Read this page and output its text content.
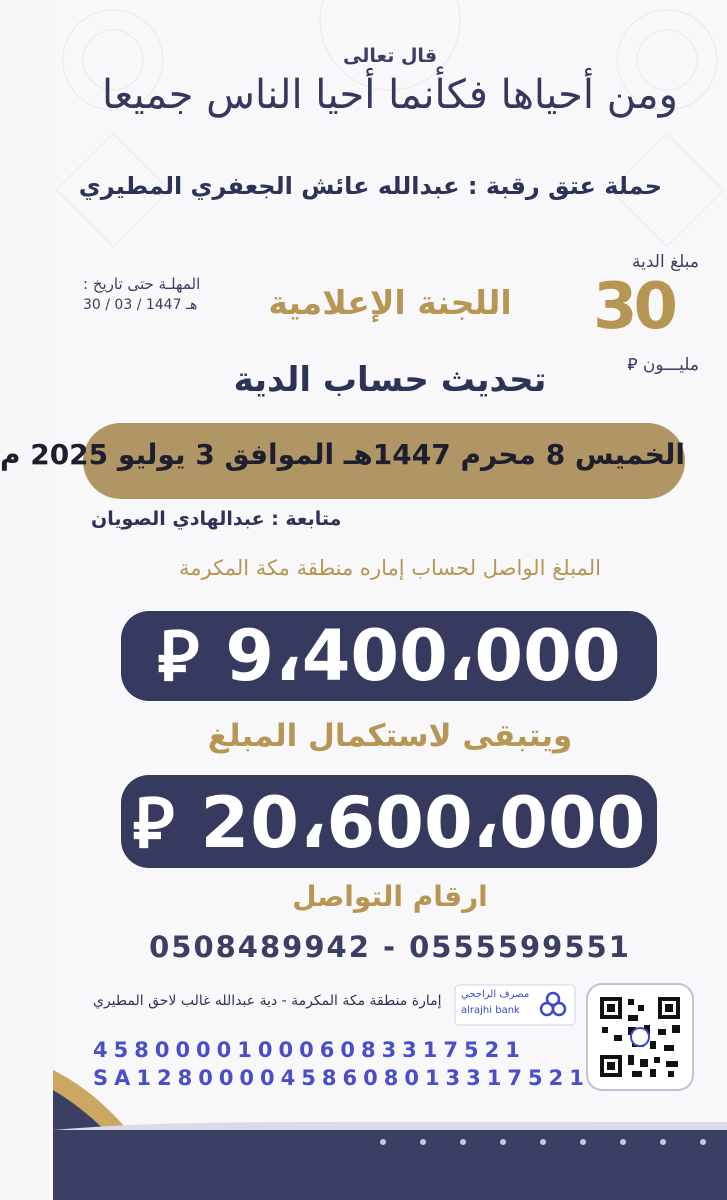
قال تعالى
ومن أحياها فكأنما أحيا الناس جميعا
حملة عتق رقبة : عبدالله عائش الجعفري المطيري
مبلغ الدية
30
مليـــون ⃁
المهلـة حتى تاريخ :
30 / 03 / 1447 هـ	اللجنة الإعلامية
تحديث حساب الدية
الخميس 8 محرم 1447هـ الموافق 3 يوليو 2025 م
متابعة : عبدالهادي الصويان
المبلغ الواصل لحساب إماره منطقة مكة المكرمة
⃁ 9،400،000
ويتبقى لاستكمال المبلغ
⃁ 20،600،000
ارقام التواصل
0508489942 - 0555599551
إمارة منطقة مكة المكرمة - دية عبدالله غالب لاحق المطيري مصرف الراجحي
alrajhi bank
458000010006083317521
SA1280000458608013317521
